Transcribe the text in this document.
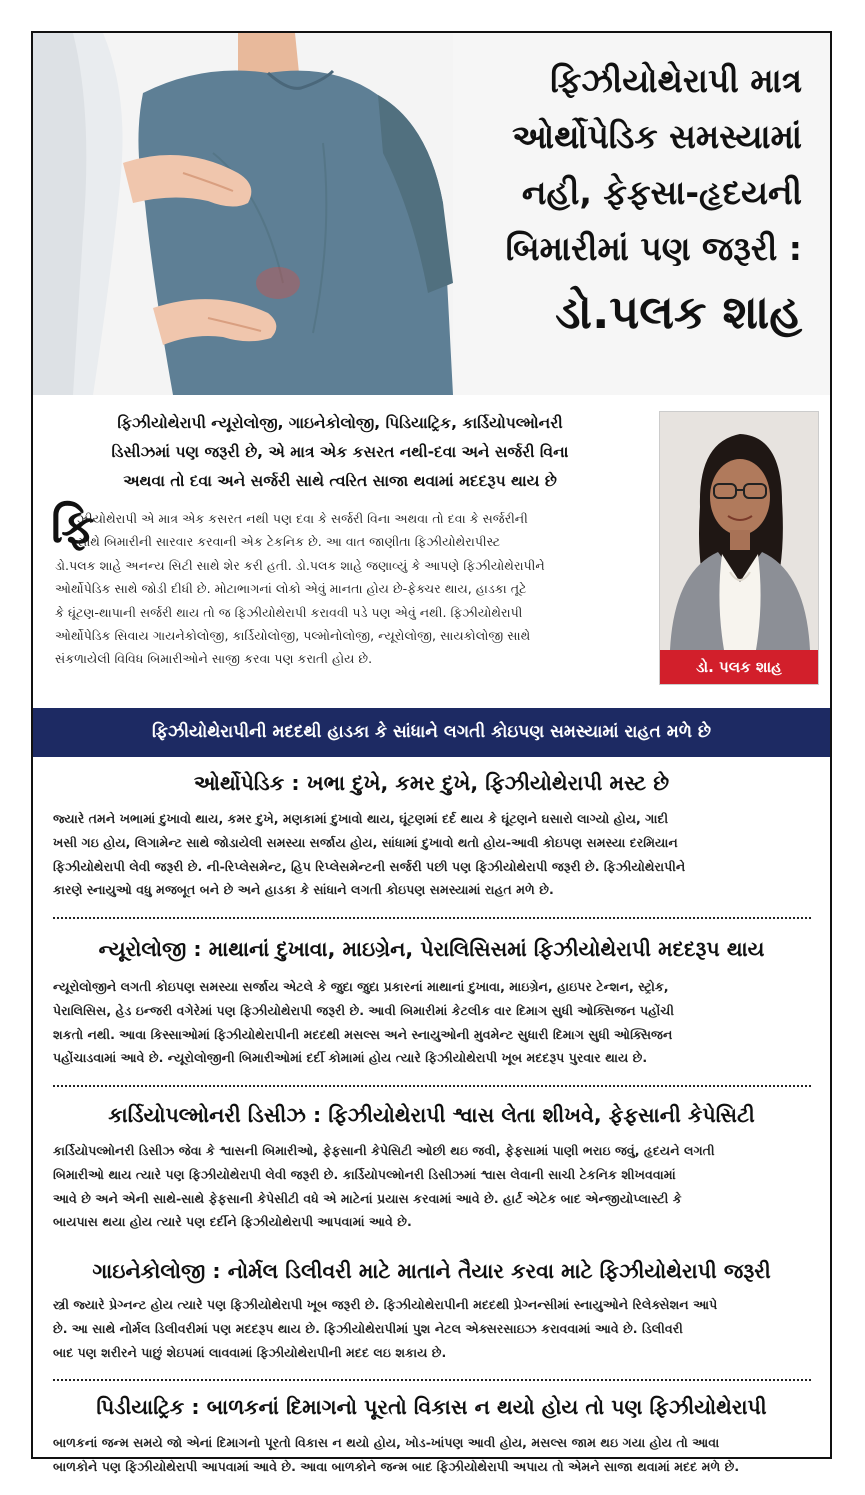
ફિઝીયોથેરાપી માત્ર
ઓર્થોપેડિક સમસ્યામાં
નહી, ફેફસા-હૃદયની
બિમારીમાં પણ જરૂરી :
ડો.પલક શાહ
ફિઝીયોથેરાપી ન્યૂરોલોજી, ગાઇનેકોલોજી, પિડિયાટ્રિક, કાર્ડિયોપલ્મોનરી
ડિસીઝમાં પણ જરૂરી છે, એ માત્ર એક કસરત નથી-દવા અને સર્જરી વિના
અથવા તો દવા અને સર્જરી સાથે ત્વરિત સાજા થવામાં મદદરૂપ થાય છે
ફિ
ઝીયોથેરાપી એ માત્ર એક કસરત નથી પણ દવા કે સર્જરી વિના અથવા તો દવા કે સર્જરીની
સાથે બિમારીની સારવાર કરવાની એક ટેકનિક છે. આ વાત જાણીતા ફિઝીયોથેરાપીસ્ટ
ડો.પલક શાહે અનન્ય સિટી સાથે શેર કરી હતી. ડો.પલક શાહે જણાવ્યું કે આપણે ફિઝીયોથેરાપીને
ઓર્થોપેડિક સાથે જોડી દીધી છે. મોટાભાગનાં લોકો એવું માનતા હોય છે-ફેક્ચર થાય, હાડકા તૂટે
કે ઘૂંટણ-થાપાની સર્જરી થાય તો જ ફિઝીયોથેરાપી કરાવવી પડે પણ એવું નથી. ફિઝીયોથેરાપી
ઓર્થોપેડિક સિવાય ગાયનેકોલોજી, કાર્ડિયોલોજી, પલ્મોનોલોજી, ન્યૂરોલોજી, સાયકોલોજી સાથે
સંકળાયેલી વિવિધ બિમારીઓને સાજી કરવા પણ કરાતી હોય છે.	ડો. પલક શાહ
ફિઝીયોથેરાપીની મદદથી હાડકા કે સાંધાને લગતી કોઇપણ સમસ્યામાં રાહત મળે છે
ઓર્થોપેડિક : ખભા દુખે, કમર દુખે, ફિઝીયોથેરાપી મસ્ટ છે
જ્યારે તમને ખભામાં દુખાવો થાય, કમર દુખે, મણકામાં દુખાવો થાય, ઘૂંટણમાં દર્દ થાય કે ઘૂંટણને ઘસારો લાગ્યો હોય, ગાદી
ખસી ગઇ હોય, લિગામેન્ટ સાથે જોડાયેલી સમસ્યા સર્જાય હોય, સાંધામાં દુખાવો થતો હોય-આવી કોઇપણ સમસ્યા દરમિયાન
ફિઝીયોથેરાપી લેવી જરૂરી છે. ની-રિપ્લેસમેન્ટ, હિપ રિપ્લેસમેન્ટની સર્જરી પછી પણ ફિઝીયોથેરાપી જરૂરી છે. ફિઝીયોથેરાપીને
કારણે સ્નાયુઓ વધુ મજબૂત બને છે અને હાડકા કે સાંધાને લગતી કોઇપણ સમસ્યામાં રાહત મળે છે.
ન્યૂરોલોજી : માથાનાં દુખાવા, માઇગ્રેન, પેરાલિસિસમાં ફિઝીયોથેરાપી મદદરૂપ થાય
ન્યૂરોલોજીને લગતી કોઇપણ સમસ્યા સર્જાય એટલે કે જુદા જુદા પ્રકારનાં માથાનાં દુખાવા, માઇગ્રેન, હાઇપર ટેન્શન, સ્ટ્રોક,
પેરાલિસિસ, હેડ ઇન્જરી વગેરેમાં પણ ફિઝીયોથેરાપી જરૂરી છે. આવી બિમારીમાં કેટલીક વાર દિમાગ સુધી ઓક્સિજન પહોંચી
શકતો નથી. આવા કિસ્સાઓમાં ફિઝીયોથેરાપીની મદદથી મસલ્સ અને સ્નાયુઓની મુવમેન્ટ સુધારી દિમાગ સુધી ઓક્સિજન
પહોંચાડવામાં આવે છે. ન્યૂરોલોજીની બિમારીઓમાં દર્દી કોમામાં હોય ત્યારે ફિઝીયોથેરાપી ખૂબ મદદરૂપ પુરવાર થાય છે.
કાર્ડિયોપલ્મોનરી ડિસીઝ : ફિઝીયોથેરાપી શ્વાસ લેતા શીખવે, ફેફસાની કેપેસિટી
કાર્ડિયોપલ્મોનરી ડિસીઝ જેવા કે શ્વાસની બિમારીઓ, ફેફસાની કેપેસિટી ઓછી થઇ જવી, ફેફસામાં પાણી ભરાઇ જવું, હૃદયને લગતી
બિમારીઓ થાય ત્યારે પણ ફિઝીયોથેરાપી લેવી જરૂરી છે. કાર્ડિયોપલ્મોનરી ડિસીઝમાં શ્વાસ લેવાની સાચી ટેકનિક શીખવવામાં
આવે છે અને એની સાથે-સાથે ફેફસાની કેપેસીટી વધે એ માટેનાં પ્રયાસ કરવામાં આવે છે. હાર્ટ એટેક બાદ એન્જીયોપ્લાસ્ટી કે
બાયપાસ થયા હોય ત્યારે પણ દર્દીને ફિઝીયોથેરાપી આપવામાં આવે છે.
ગાઇનેકોલોજી : નોર્મલ ડિલીવરી માટે માતાને તૈયાર કરવા માટે ફિઝીયોથેરાપી જરૂરી
સ્ત્રી જ્યારે પ્રેગ્નન્ટ હોય ત્યારે પણ ફિઝીયોથેરાપી ખૂબ જરૂરી છે. ફિઝીયોથેરાપીની મદદથી પ્રેગ્નન્સીમાં સ્નાયુઓને રિલેક્સેશન આપે
છે. આ સાથે નોર્મલ ડિલીવરીમાં પણ મદદરૂપ થાય છે. ફિઝીયોથેરાપીમાં પુશ નેટલ એક્સરસાઇઝ કરાવવામાં આવે છે. ડિલીવરી
બાદ પણ શરીરને પાછું શેઇપમાં લાવવામાં ફિઝીયોથેરાપીની મદદ લઇ શકાય છે.
પિડીયાટ્રિક : બાળકનાં દિમાગનો પૂરતો વિકાસ ન થયો હોય તો પણ ફિઝીયોથેરાપી
બાળકનાં જન્મ સમયે જો એનાં દિમાગનો પૂરતો વિકાસ ન થયો હોય, ખોડ-ખાંપણ આવી હોય, મસલ્સ જામ થઇ ગયા હોય તો આવા
બાળકોને પણ ફિઝીયોથેરાપી આપવામાં આવે છે. આવા બાળકોને જન્મ બાદ ફિઝીયોથેરાપી અપાય તો એમને સાજા થવામાં મદદ મળે છે.
